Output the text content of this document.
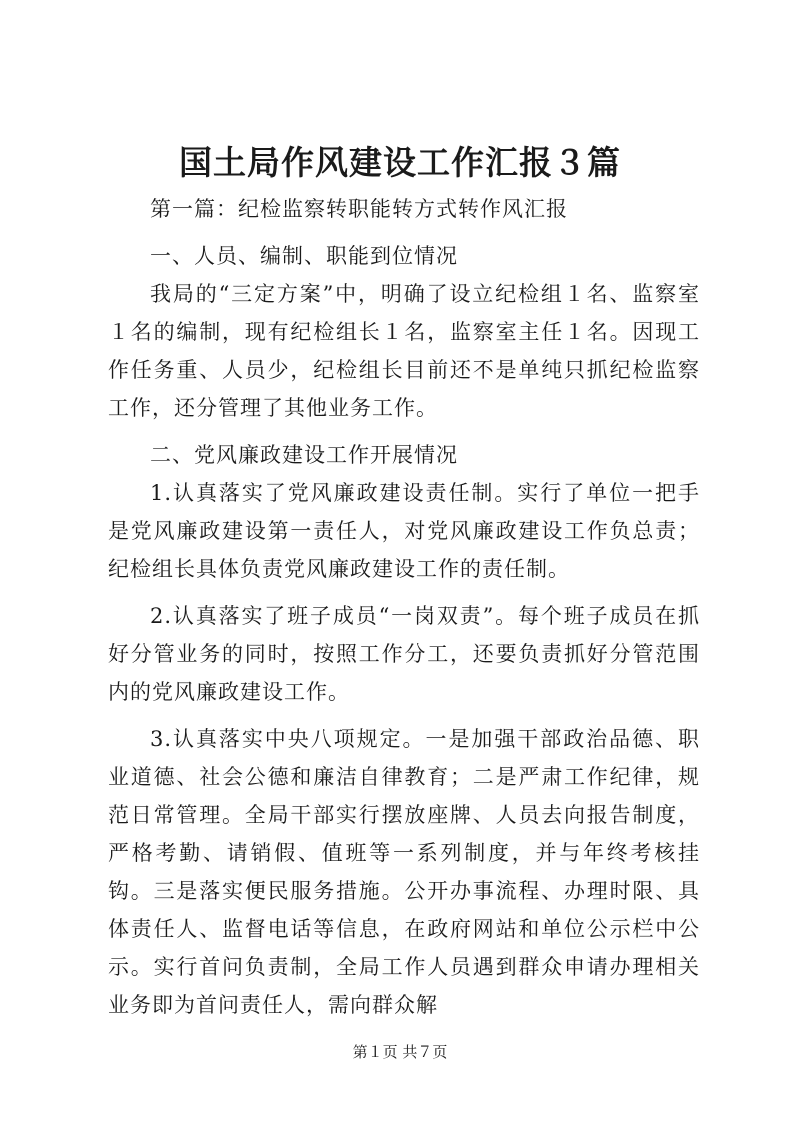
国土局作风建设工作汇报３篇

第一篇：纪检监察转职能转方式转作风汇报

一、人员、编制、职能到位情况

我局的“三定方案”中，明确了设立纪检组１名、监察室１名的编制，现有纪检组长１名，监察室主任１名。因现工作任务重、人员少，纪检组长目前还不是单纯只抓纪检监察工作，还分管理了其他业务工作。

二、党风廉政建设工作开展情况

1.认真落实了党风廉政建设责任制。实行了单位一把手是党风廉政建设第一责任人，对党风廉政建设工作负总责；纪检组长具体负责党风廉政建设工作的责任制。

2.认真落实了班子成员“一岗双责”。每个班子成员在抓好分管业务的同时，按照工作分工，还要负责抓好分管范围内的党风廉政建设工作。

3.认真落实中央八项规定。一是加强干部政治品德、职业道德、社会公德和廉洁自律教育；二是严肃工作纪律，规范日常管理。全局干部实行摆放座牌、人员去向报告制度，严格考勤、请销假、值班等一系列制度，并与年终考核挂钩。三是落实便民服务措施。公开办事流程、办理时限、具体责任人、监督电话等信息，在政府网站和单位公示栏中公示。实行首问负责制，全局工作人员遇到群众申请办理相关业务即为首问责任人，需向群众解

第１页 共７页
